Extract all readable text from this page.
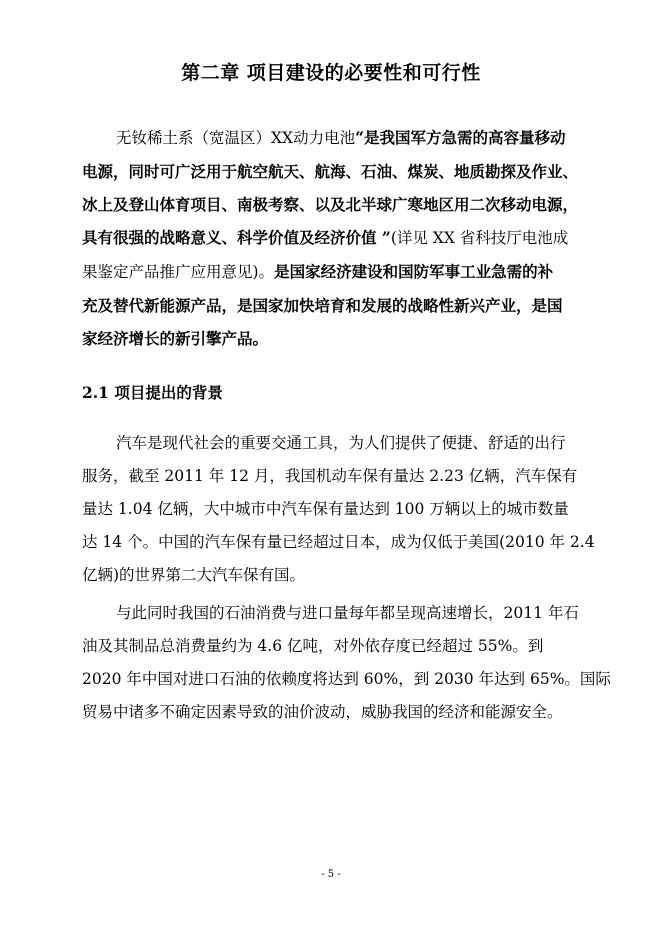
第二章 项目建设的必要性和可行性
无钕稀土系（宽温区）XX动力电池“是我国军方急需的高容量移动
电源，同时可广泛用于航空航天、航海、石油、煤炭、地质勘探及作业、
冰上及登山体育项目、南极考察、以及北半球广寒地区用二次移动电源，
具有很强的战略意义、科学价值及经济价值 ”(详见 XX 省科技厅电池成
果鉴定产品推广应用意见)。是国家经济建设和国防军事工业急需的补
充及替代新能源产品，是国家加快培育和发展的战略性新兴产业，是国
家经济增长的新引擎产品。
2.1 项目提出的背景
汽车是现代社会的重要交通工具，为人们提供了便捷、舒适的出行
服务，截至 2011 年 12 月，我国机动车保有量达 2.23 亿辆，汽车保有
量达 1.04 亿辆，大中城市中汽车保有量达到 100 万辆以上的城市数量
达 14 个。中国的汽车保有量已经超过日本，成为仅低于美国(2010 年 2.4
亿辆)的世界第二大汽车保有国。
与此同时我国的石油消费与进口量每年都呈现高速增长，2011 年石
油及其制品总消费量约为 4.6 亿吨，对外依存度已经超过 55%。到
2020 年中国对进口石油的依赖度将达到 60%，到 2030 年达到 65%。国际
贸易中诸多不确定因素导致的油价波动，威胁我国的经济和能源安全。
- 5 -
